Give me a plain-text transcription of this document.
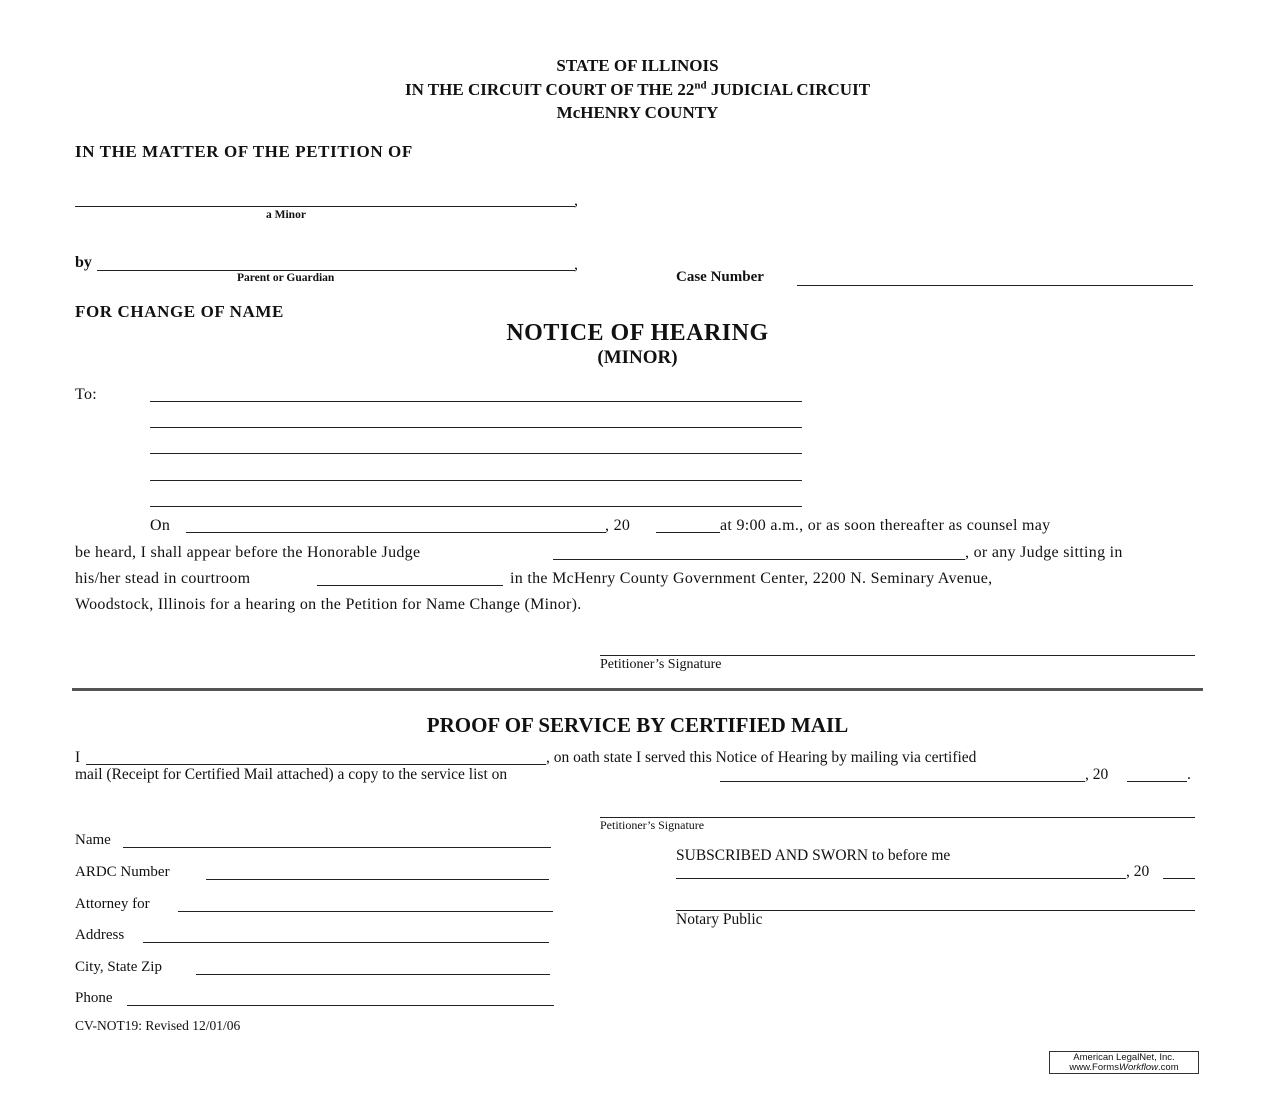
STATE OF ILLINOIS
IN THE CIRCUIT COURT OF THE 22nd JUDICIAL CIRCUIT
McHENRY COUNTY
IN THE MATTER OF THE PETITION OF
,
a Minor
by	,
Parent or Guardian	Case Number
FOR CHANGE OF NAME
NOTICE OF HEARING
(MINOR)
To:
On	, 20	at 9:00 a.m., or as soon thereafter as counsel may
be heard, I shall appear before the Honorable Judge	, or any Judge sitting in
his/her stead in courtroom	in the McHenry County Government Center, 2200 N. Seminary Avenue,
Woodstock, Illinois for a hearing on the Petition for Name Change (Minor).
Petitioner’s Signature
PROOF OF SERVICE BY CERTIFIED MAIL
I	, on oath state I served this Notice of Hearing by mailing via certified
mail (Receipt for Certified Mail attached) a copy to the service list on	, 20	.
Petitioner’s Signature
Name
ARDC Number
Attorney for
Address
City, State Zip
Phone
SUBSCRIBED AND SWORN to before me
, 20
Notary Public
CV-NOT19: Revised 12/01/06
American LegalNet, Inc.
www.FormsWorkflow.com
